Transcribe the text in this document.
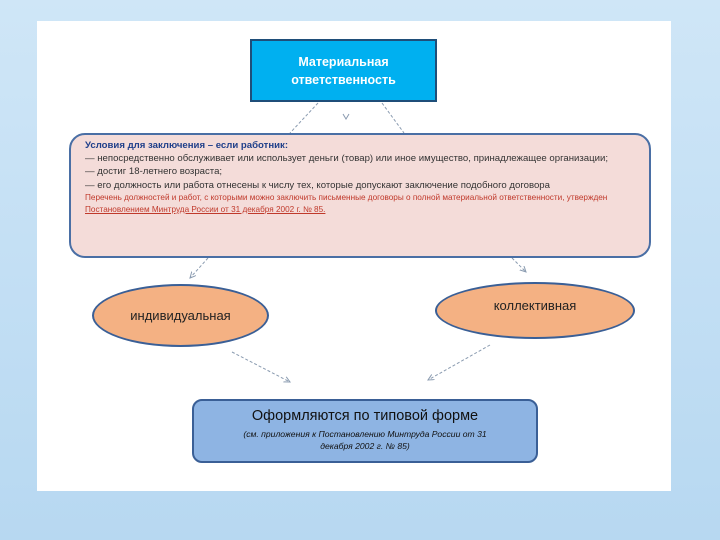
Материальная
ответственность
Условия для заключения – если работник:
— непосредственно обслуживает или использует деньги (товар) или иное имущество, принадлежащее организации;
— достиг 18-летнего возраста;
— его должность или работа отнесены к числу тех, которые допускают заключение подобного договора
Перечень должностей и работ, с которыми можно заключить письменные договоры о полной материальной ответственности, утвержден Постановлением Минтруда России от 31 декабря 2002 г. № 85.
индивидуальная
коллективная
Оформляются по типовой форме
(см. приложения к Постановлению Минтруда России от 31 декабря 2002 г. № 85)
